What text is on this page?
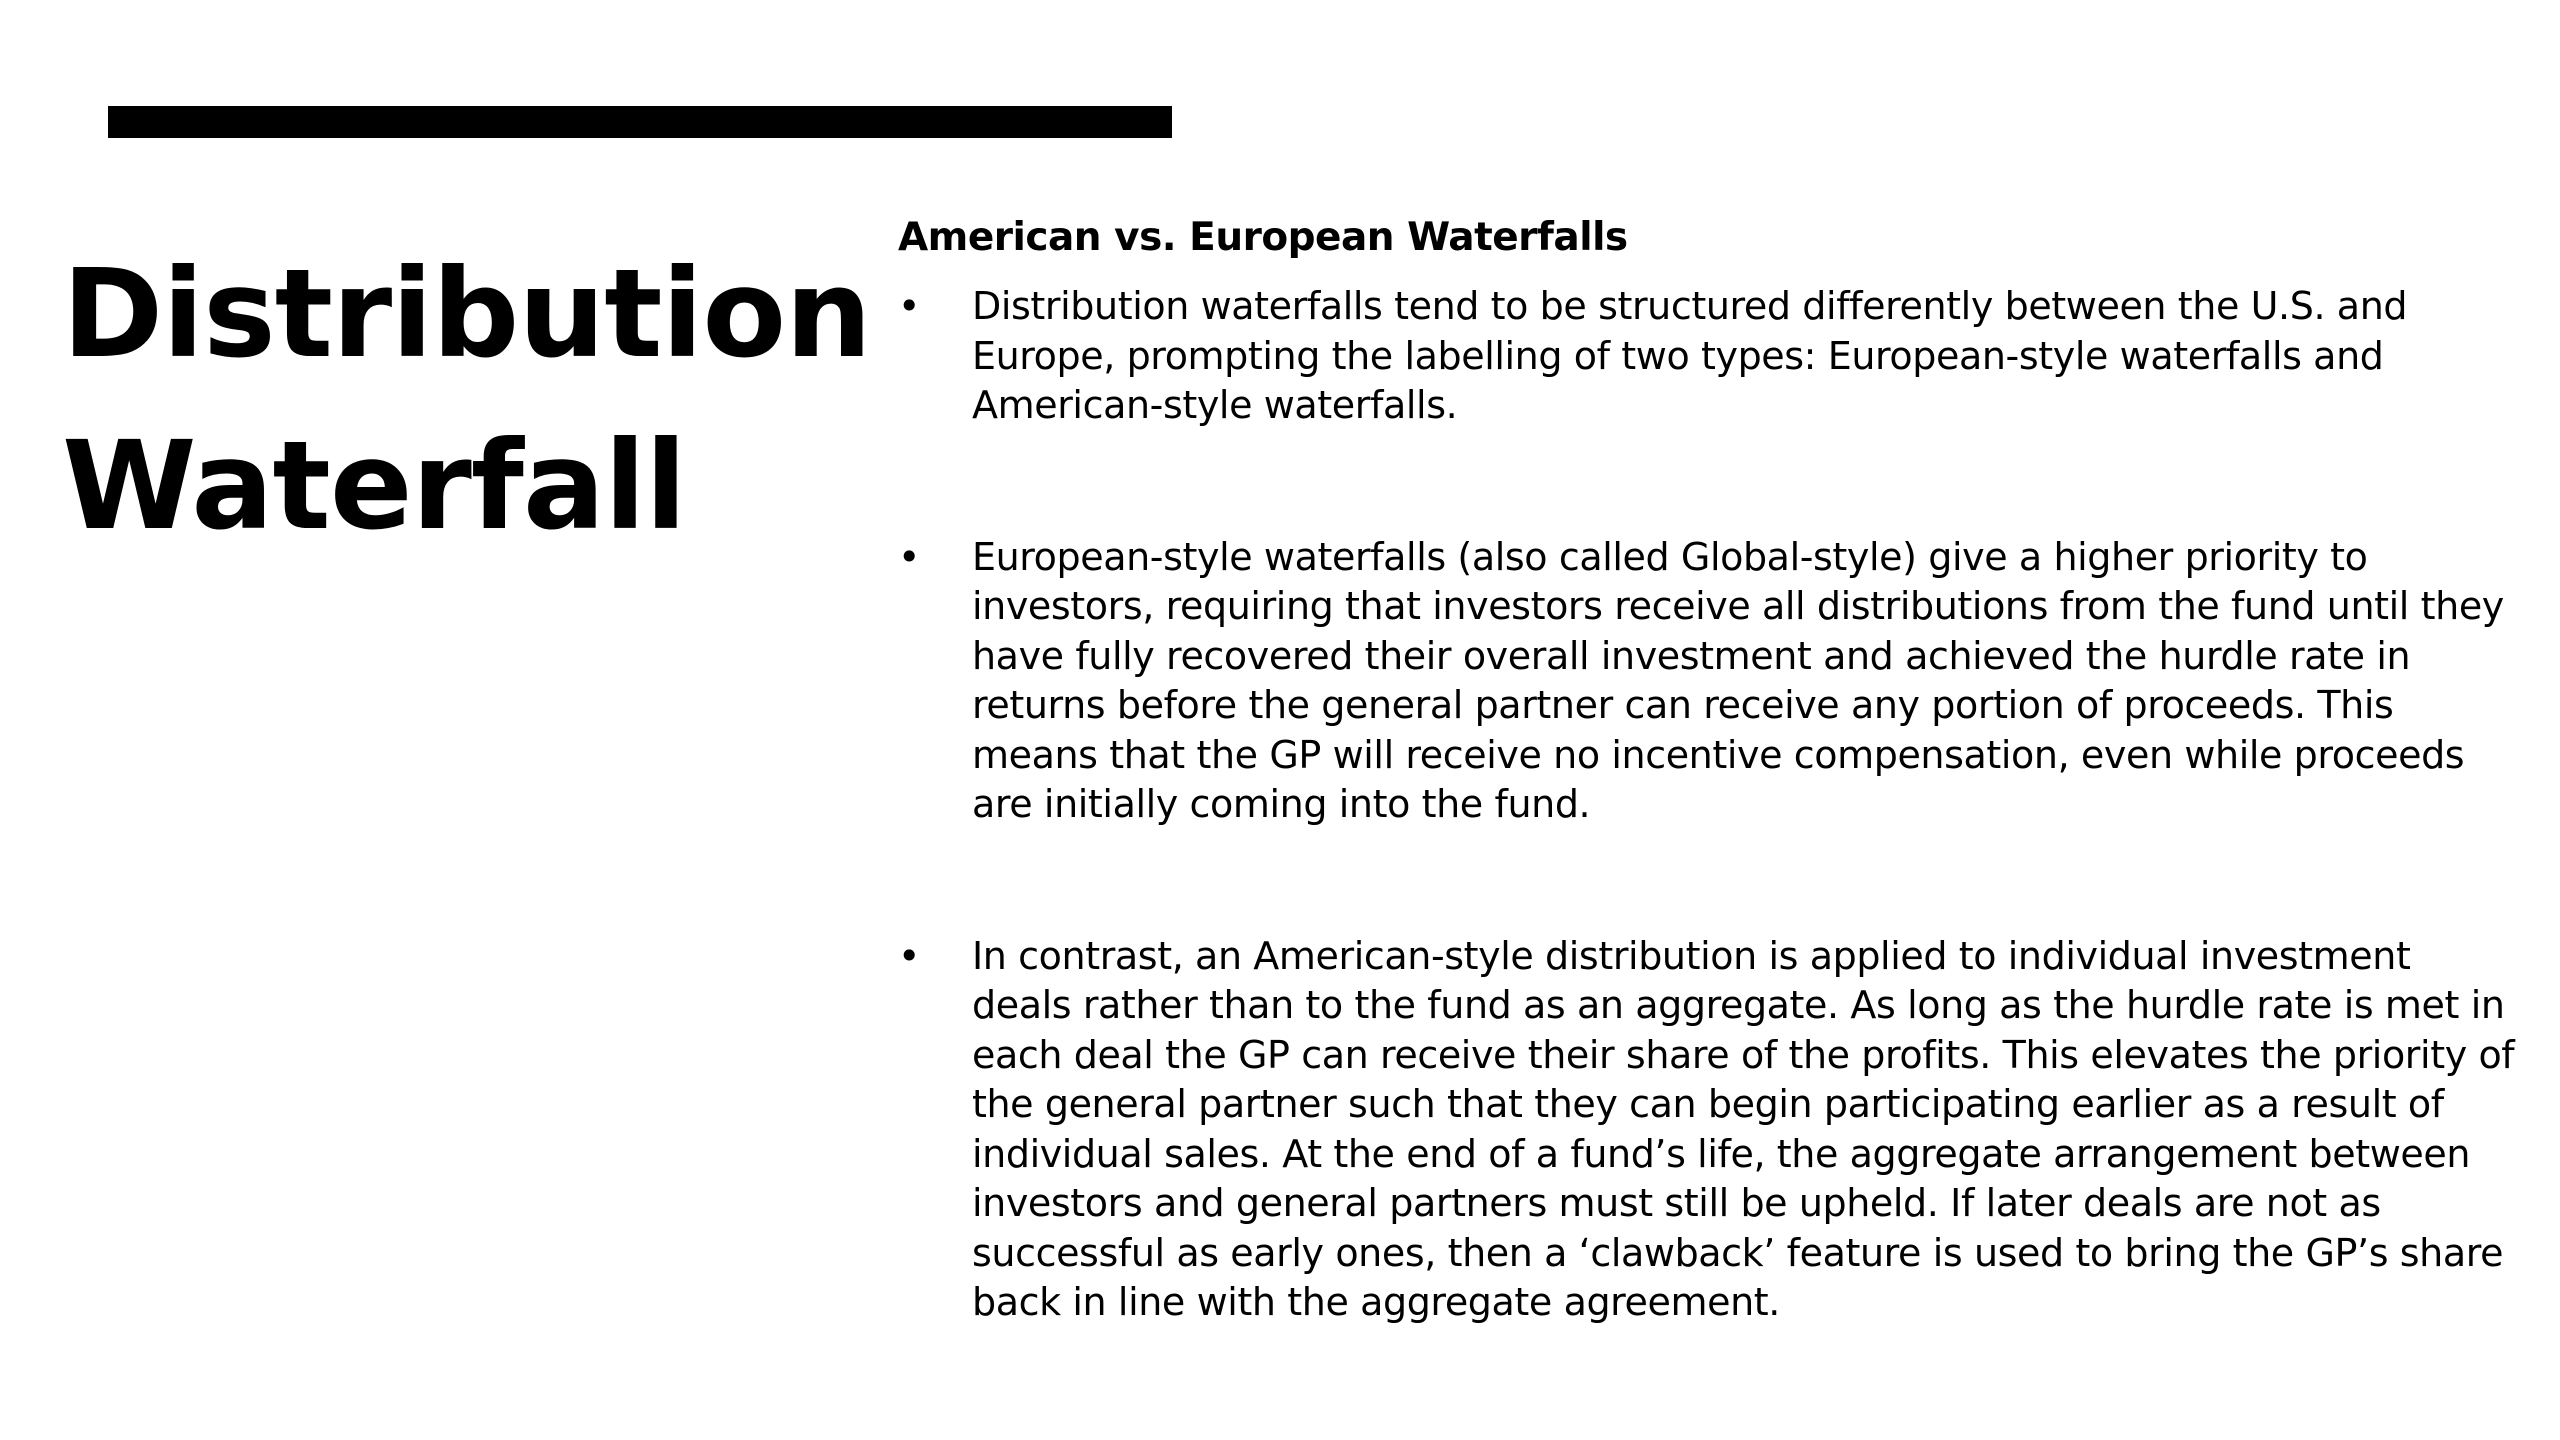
Distribution
Waterfall
American vs. European Waterfalls
• Distribution waterfalls tend to be structured differently between the U.S. and Europe, prompting the labelling of two types: European-style waterfalls and American-style waterfalls.
• European-style waterfalls (also called Global-style) give a higher priority to investors, requiring that investors receive all distributions from the fund until they have fully recovered their overall investment and achieved the hurdle rate in returns before the general partner can receive any portion of proceeds. This means that the GP will receive no incentive compensation, even while proceeds are initially coming into the fund.
• In contrast, an American-style distribution is applied to individual investment deals rather than to the fund as an aggregate. As long as the hurdle rate is met in each deal the GP can receive their share of the profits. This elevates the priority of the general partner such that they can begin participating earlier as a result of individual sales. At the end of a fund’s life, the aggregate arrangement between investors and general partners must still be upheld. If later deals are not as successful as early ones, then a ‘clawback’ feature is used to bring the GP’s share back in line with the aggregate agreement.
